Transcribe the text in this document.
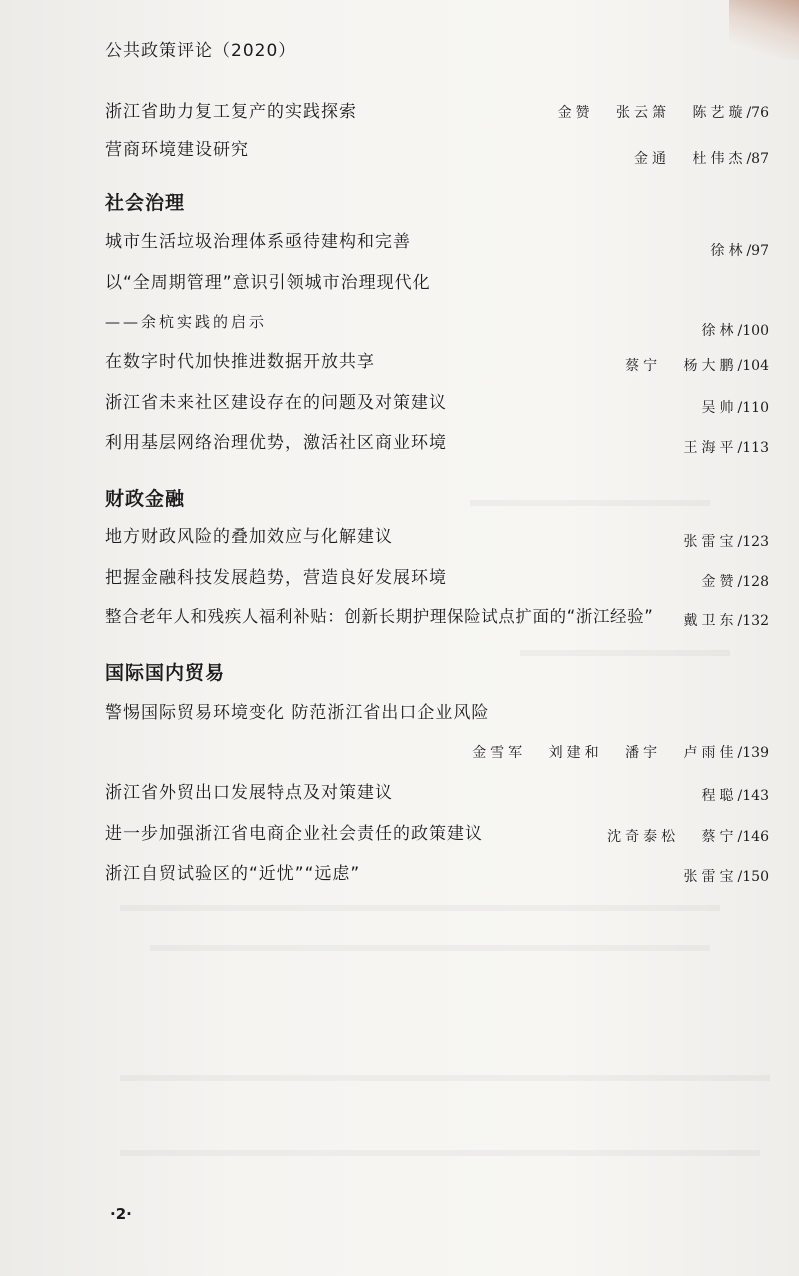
公共政策评论（2020）
浙江省助力复工复产的实践探索	金赞 张云箫 陈艺璇/76
营商环境建设研究	金通 杜伟杰/87
社会治理
城市生活垃圾治理体系亟待建构和完善	徐林/97
以“全周期管理”意识引领城市治理现代化
——余杭实践的启示	徐林/100
在数字时代加快推进数据开放共享	蔡宁 杨大鹏/104
浙江省未来社区建设存在的问题及对策建议	吴帅/110
利用基层网络治理优势，激活社区商业环境	王海平/113
财政金融
地方财政风险的叠加效应与化解建议	张雷宝/123
把握金融科技发展趋势，营造良好发展环境	金赞/128
整合老年人和残疾人福利补贴：创新长期护理保险试点扩面的“浙江经验” 戴卫东/132
国际国内贸易
警惕国际贸易环境变化 防范浙江省出口企业风险
金雪军 刘建和 潘宇 卢雨佳/139
浙江省外贸出口发展特点及对策建议	程聪/143
进一步加强浙江省电商企业社会责任的政策建议	沈奇泰松 蔡宁/146
浙江自贸试验区的“近忧”“远虑”	张雷宝/150
·2·
